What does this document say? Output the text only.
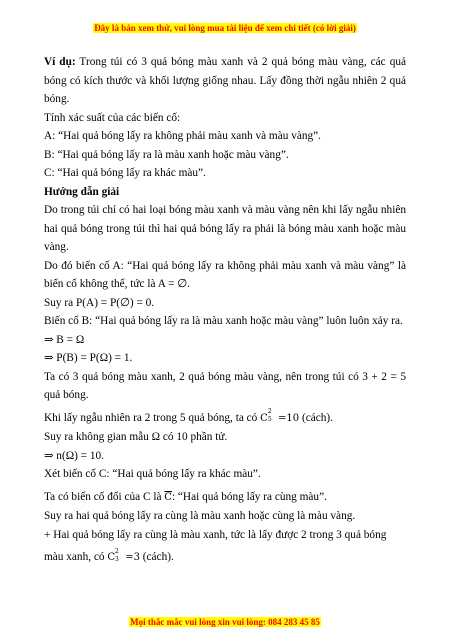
Đây là bản xem thử, vui lòng mua tài liệu để xem chi tiết (có lời giải)

Ví dụ: Trong túi có 3 quả bóng màu xanh và 2 quả bóng màu vàng, các quả bóng có kích thước và khối lượng giống nhau. Lấy đồng thời ngẫu nhiên 2 quả bóng.

Tính xác suất của các biến cố:

A: “Hai quả bóng lấy ra không phải màu xanh và màu vàng”.

B: “Hai quả bóng lấy ra là màu xanh hoặc màu vàng”.

C: “Hai quả bóng lấy ra khác màu”.

Hướng dẫn giải

Do trong túi chỉ có hai loại bóng màu xanh và màu vàng nên khi lấy ngẫu nhiên hai quả bóng trong túi thì hai quả bóng lấy ra phải là bóng màu xanh hoặc màu vàng.

Do đó biến cố A: “Hai quả bóng lấy ra không phải màu xanh và màu vàng” là biến cố không thể, tức là A = ∅.

Suy ra P(A) = P(∅) = 0.

Biến cố B: “Hai quả bóng lấy ra là màu xanh hoặc màu vàng” luôn luôn xảy ra.

⇒ B = Ω

⇒ P(B) = P(Ω) = 1.

Ta có 3 quả bóng màu xanh, 2 quả bóng màu vàng, nên trong túi có 3 + 2 = 5 quả bóng.

Khi lấy ngẫu nhiên ra 2 trong 5 quả bóng, ta có C
2
5 =10 (cách).

Suy ra không gian mẫu Ω có 10 phần tử.

⇒ n(Ω) = 10.

Xét biến cố C: “Hai quả bóng lấy ra khác màu”.

Ta có biến cố đối của C là $\overline{C}$: “Hai quả bóng lấy ra cùng màu”.

Suy ra hai quả bóng lấy ra cùng là màu xanh hoặc cùng là màu vàng.

+ Hai quả bóng lấy ra cùng là màu xanh, tức là lấy được 2 trong 3 quả bóng

màu xanh, có C
2
3 =3 (cách).

Mọi thắc mắc vui lòng xin vui lòng: 084 283 45 85
